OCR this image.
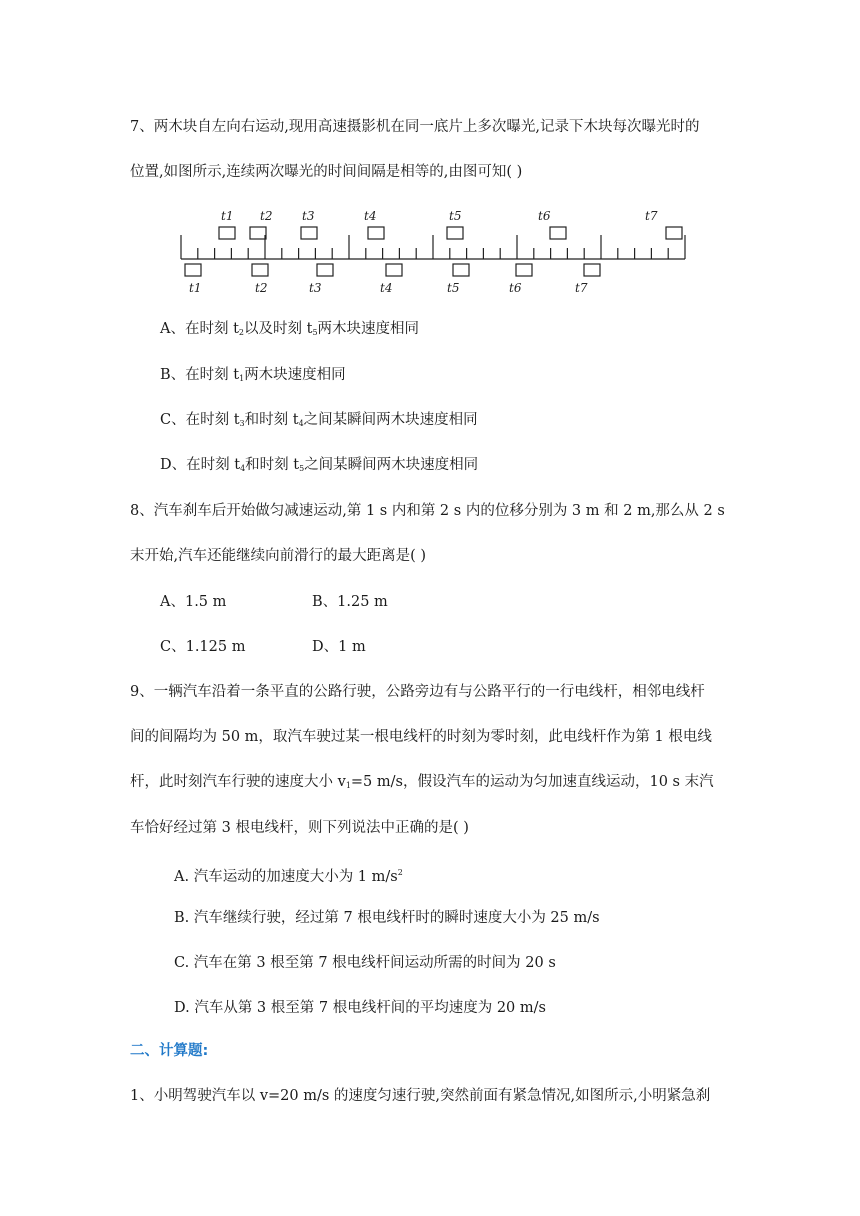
7、两木块自左向右运动,现用高速摄影机在同一底片上多次曝光,记录下木块每次曝光时的
位置,如图所示,连续两次曝光的时间间隔是相等的,由图可知( )
t1 t2 t3	t4	t5	t6	t7
t1	t2	t3	t4	t5	t6	t7
A、在时刻 $t_2$以及时刻 $t_5$两木块速度相同
B、在时刻 $t_1$两木块速度相同
C、在时刻 $t_3$和时刻 $t_4$之间某瞬间两木块速度相同
D、在时刻 $t_4$和时刻 $t_5$之间某瞬间两木块速度相同
8、汽车刹车后开始做匀减速运动,第 1 s 内和第 2 s 内的位移分别为 3 m 和 2 m,那么从 2 s
末开始,汽车还能继续向前滑行的最大距离是( )
A、1.5 m	B、1.25 m
C、1.125 m	D、1 m
9、一辆汽车沿着一条平直的公路行驶，公路旁边有与公路平行的一行电线杆，相邻电线杆
间的间隔均为 50 m，取汽车驶过某一根电线杆的时刻为零时刻，此电线杆作为第 1 根电线
杆，此时刻汽车行驶的速度大小 $v_1=5$ m/s，假设汽车的运动为匀加速直线运动，10 s 末汽
车恰好经过第 3 根电线杆，则下列说法中正确的是( )
A. 汽车运动的加速度大小为 1 $m/s^2$
B. 汽车继续行驶，经过第 7 根电线杆时的瞬时速度大小为 25 m/s
C. 汽车在第 3 根至第 7 根电线杆间运动所需的时间为 20 s
D. 汽车从第 3 根至第 7 根电线杆间的平均速度为 20 m/s
二、计算题:
1、小明驾驶汽车以 v=20 m/s 的速度匀速行驶,突然前面有紧急情况,如图所示,小明紧急刹
